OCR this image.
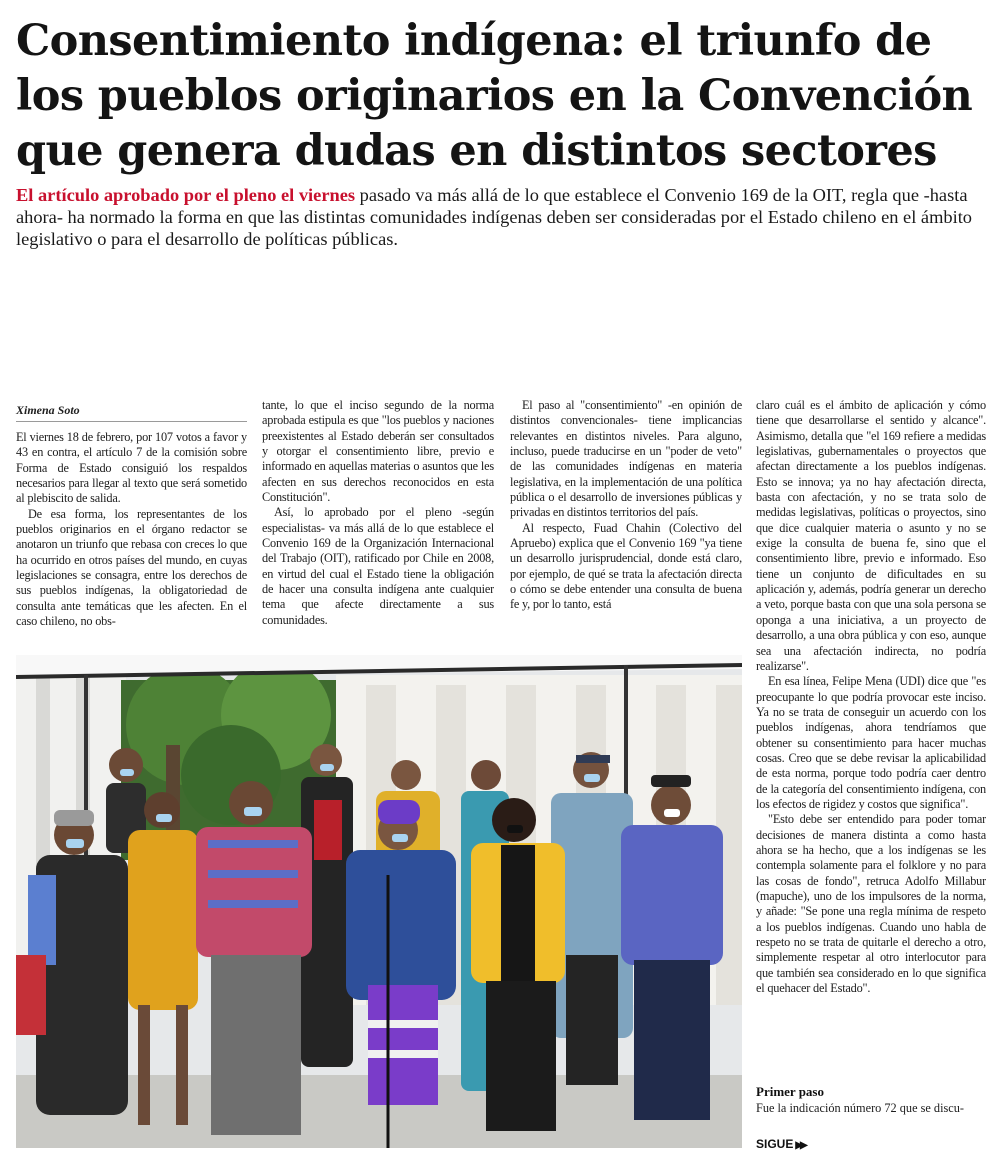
Consentimiento indígena: el triunfo de los pueblos originarios en la Convención que genera dudas en distintos sectores

El artículo aprobado por el pleno el viernes pasado va más allá de lo que establece el Convenio 169 de la OIT, regla que -hasta ahora- ha normado la forma en que las distintas comunidades indígenas deben ser consideradas por el Estado chileno en el ámbito legislativo o para el desarrollo de políticas públicas.

Ximena Soto

El viernes 18 de febrero, por 107 votos a favor y 43 en contra, el artículo 7 de la comisión sobre Forma de Estado consiguió los respaldos necesarios para llegar al texto que será sometido al plebiscito de salida.

De esa forma, los representantes de los pueblos originarios en el órgano redactor se anotaron un triunfo que rebasa con creces lo que ha ocurrido en otros países del mundo, en cuyas legislaciones se consagra, entre los derechos de sus pueblos indígenas, la obligatoriedad de consulta ante temáticas que les afecten. En el caso chileno, no obs-

tante, lo que el inciso segundo de la norma aprobada estipula es que "los pueblos y naciones preexistentes al Estado deberán ser consultados y otorgar el consentimiento libre, previo e informado en aquellas materias o asuntos que les afecten en sus derechos reconocidos en esta Constitución".

Así, lo aprobado por el pleno -según especialistas- va más allá de lo que establece el Convenio 169 de la Organización Internacional del Trabajo (OIT), ratificado por Chile en 2008, en virtud del cual el Estado tiene la obligación de hacer una consulta indígena ante cualquier tema que afecte directamente a sus comunidades.

El paso al "consentimiento" -en opinión de distintos convencionales- tiene implicancias relevantes en distintos niveles. Para alguno, incluso, puede traducirse en un "poder de veto" de las comunidades indígenas en materia legislativa, en la implementación de una política pública o el desarrollo de inversiones públicas y privadas en distintos territorios del país.

Al respecto, Fuad Chahin (Colectivo del Apruebo) explica que el Convenio 169 "ya tiene un desarrollo jurisprudencial, donde está claro, por ejemplo, de qué se trata la afectación directa o cómo se debe entender una consulta de buena fe y, por lo tanto, está

claro cuál es el ámbito de aplicación y cómo tiene que desarrollarse el sentido y alcance". Asimismo, detalla que "el 169 refiere a medidas legislativas, gubernamentales o proyectos que afectan directamente a los pueblos indígenas. Esto se innova; ya no hay afectación directa, basta con afectación, y no se trata solo de medidas legislativas, políticas o proyectos, sino que dice cualquier materia o asunto y no se exige la consulta de buena fe, sino que el consentimiento libre, previo e informado. Eso tiene un conjunto de dificultades en su aplicación y, además, podría generar un derecho a veto, porque basta con que una sola persona se oponga a una iniciativa, a un proyecto de desarrollo, a una obra pública y con eso, aunque sea una afectación indirecta, no podría realizarse".

En esa línea, Felipe Mena (UDI) dice que "es preocupante lo que podría provocar este inciso. Ya no se trata de conseguir un acuerdo con los pueblos indígenas, ahora tendríamos que obtener su consentimiento para hacer muchas cosas. Creo que se debe revisar la aplicabilidad de esta norma, porque todo podría caer dentro de la categoría del consentimiento indígena, con los efectos de rigidez y costos que significa".

"Esto debe ser entendido para poder tomar decisiones de manera distinta a como hasta ahora se ha hecho, que a los indígenas se les contempla solamente para el folklore y no para las cosas de fondo", retruca Adolfo Millabur (mapuche), uno de los impulsores de la norma, y añade: "Se pone una regla mínima de respeto a los pueblos indígenas. Cuando uno habla de respeto no se trata de quitarle el derecho a otro, simplemente respetar al otro interlocutor para que también sea considerado en lo que significa el quehacer del Estado".

Primer paso

Fue la indicación número 72 que se discu-

SIGUE ▶▶
